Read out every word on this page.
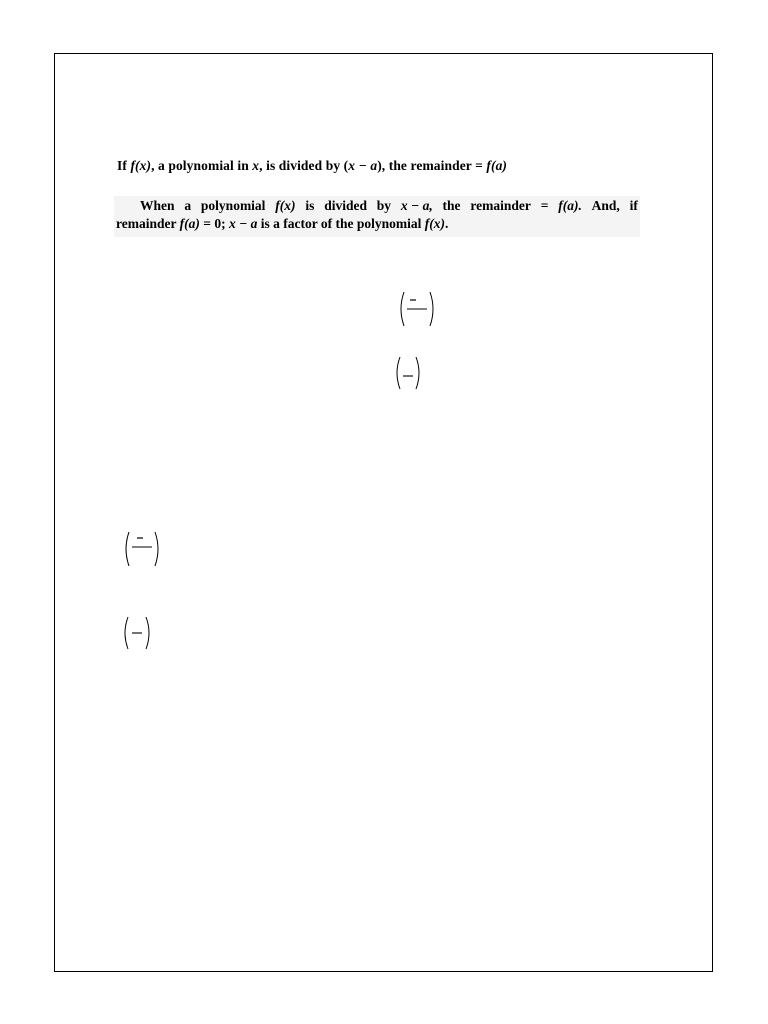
If f(x), a polynomial in x, is divided by (x − a), the remainder = f(a)
When a polynomial f(x) is divided by x − a, the remainder = f(a). And, if
remainder f(a) = 0; x − a is a factor of the polynomial f(x).
